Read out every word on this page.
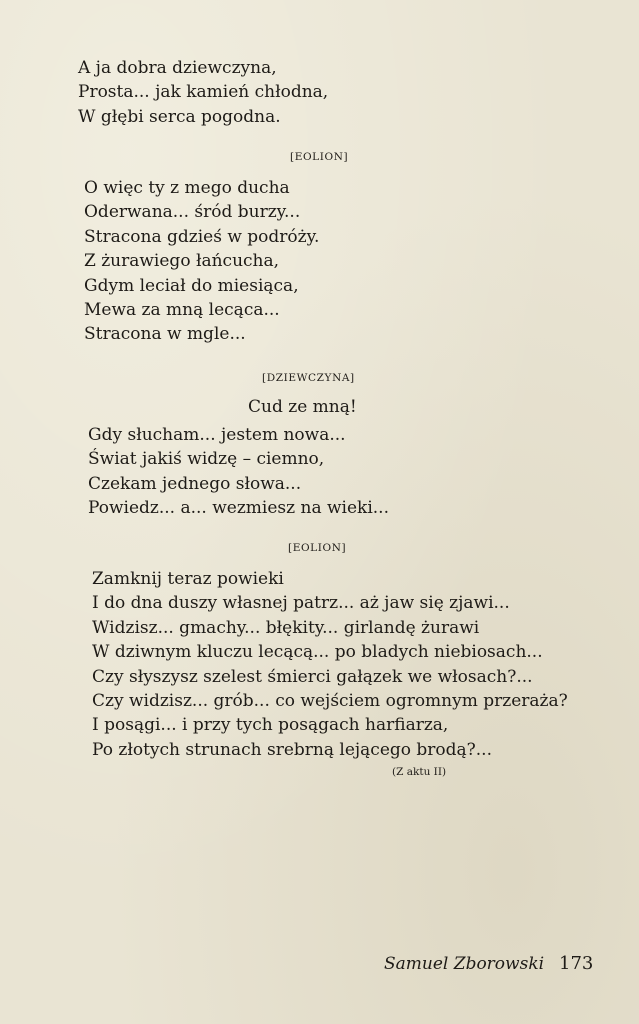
A ja dobra dziewczyna,
Prosta... jak kamień chłodna,
W głębi serca pogodna.
[EOLION]
O więc ty z mego ducha
Oderwana... śród burzy...
Stracona gdzieś w podróży.
Z żurawiego łańcucha,
Gdym leciał do miesiąca,
Mewa za mną lecąca...
Stracona w mgle...
[DZIEWCZYNA]
Cud ze mną!
Gdy słucham... jestem nowa...
Świat jakiś widzę – ciemno,
Czekam jednego słowa...
Powiedz... a... wezmiesz na wieki...
[EOLION]
Zamknij teraz powieki
I do dna duszy własnej patrz... aż jaw się zjawi...
Widzisz... gmachy... błękity... girlandę żurawi
W dziwnym kluczu lecącą... po bladych niebiosach...
Czy słyszysz szelest śmierci gałązek we włosach?...
Czy widzisz... grób... co wejściem ogromnym przeraża?
I posągi... i przy tych posągach harfiarza,
Po złotych strunach srebrną lejącego brodą?...
(Z aktu II)
Samuel Zborowski 173
